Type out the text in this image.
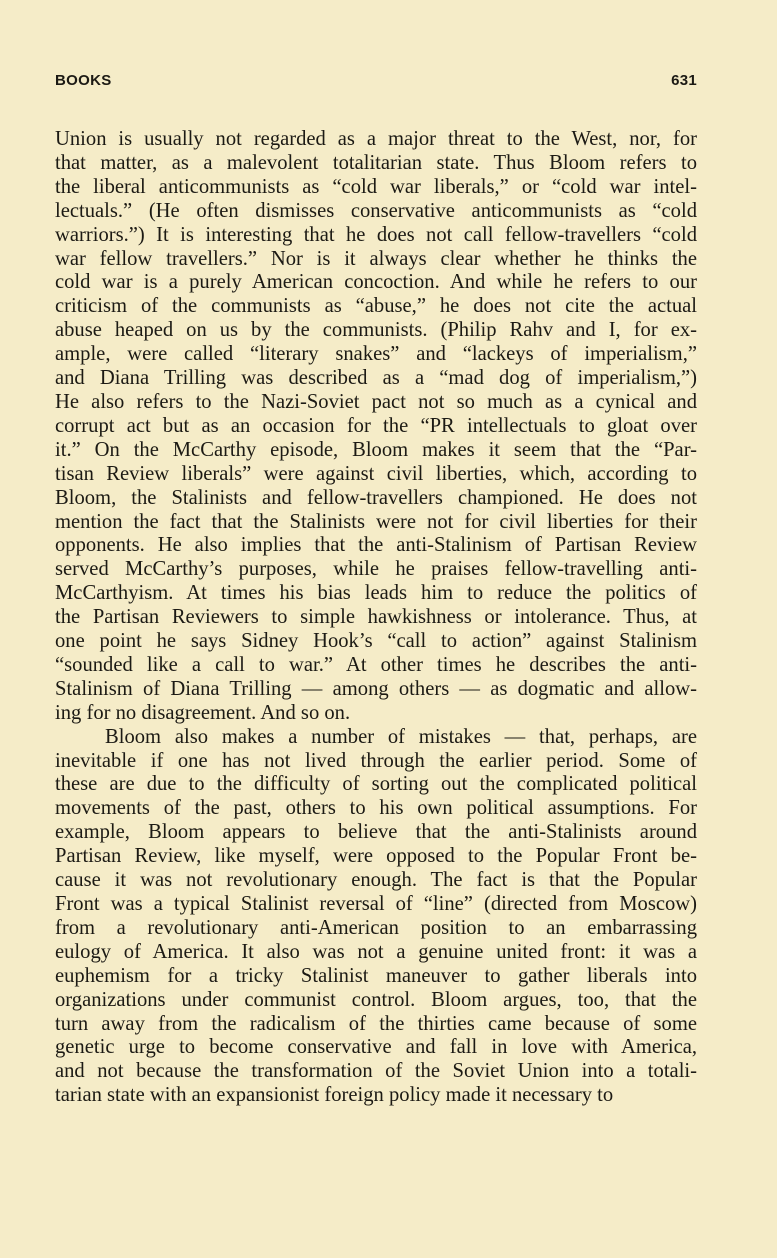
BOOKS	631
Union is usually not regarded as a major threat to the West, nor, for
that matter, as a malevolent totalitarian state. Thus Bloom refers to
the liberal anticommunists as “cold war liberals,” or “cold war intel-
lectuals.” (He often dismisses conservative anticommunists as “cold
warriors.”) It is interesting that he does not call fellow-travellers “cold
war fellow travellers.” Nor is it always clear whether he thinks the
cold war is a purely American concoction. And while he refers to our
criticism of the communists as “abuse,” he does not cite the actual
abuse heaped on us by the communists. (Philip Rahv and I, for ex-
ample, were called “literary snakes” and “lackeys of imperialism,”
and Diana Trilling was described as a “mad dog of imperialism,”)
He also refers to the Nazi-Soviet pact not so much as a cynical and
corrupt act but as an occasion for the “PR intellectuals to gloat over
it.” On the McCarthy episode, Bloom makes it seem that the “Par-
tisan Review liberals” were against civil liberties, which, according to
Bloom, the Stalinists and fellow-travellers championed. He does not
mention the fact that the Stalinists were not for civil liberties for their
opponents. He also implies that the anti-Stalinism of Partisan Review
served McCarthy’s purposes, while he praises fellow-travelling anti-
McCarthyism. At times his bias leads him to reduce the politics of
the Partisan Reviewers to simple hawkishness or intolerance. Thus, at
one point he says Sidney Hook’s “call to action” against Stalinism
“sounded like a call to war.” At other times he describes the anti-
Stalinism of Diana Trilling — among others — as dogmatic and allow-
ing for no disagreement. And so on.
Bloom also makes a number of mistakes — that, perhaps, are
inevitable if one has not lived through the earlier period. Some of
these are due to the difficulty of sorting out the complicated political
movements of the past, others to his own political assumptions. For
example, Bloom appears to believe that the anti-Stalinists around
Partisan Review, like myself, were opposed to the Popular Front be-
cause it was not revolutionary enough. The fact is that the Popular
Front was a typical Stalinist reversal of “line” (directed from Moscow)
from a revolutionary anti-American position to an embarrassing
eulogy of America. It also was not a genuine united front: it was a
euphemism for a tricky Stalinist maneuver to gather liberals into
organizations under communist control. Bloom argues, too, that the
turn away from the radicalism of the thirties came because of some
genetic urge to become conservative and fall in love with America,
and not because the transformation of the Soviet Union into a totali-
tarian state with an expansionist foreign policy made it necessary to
